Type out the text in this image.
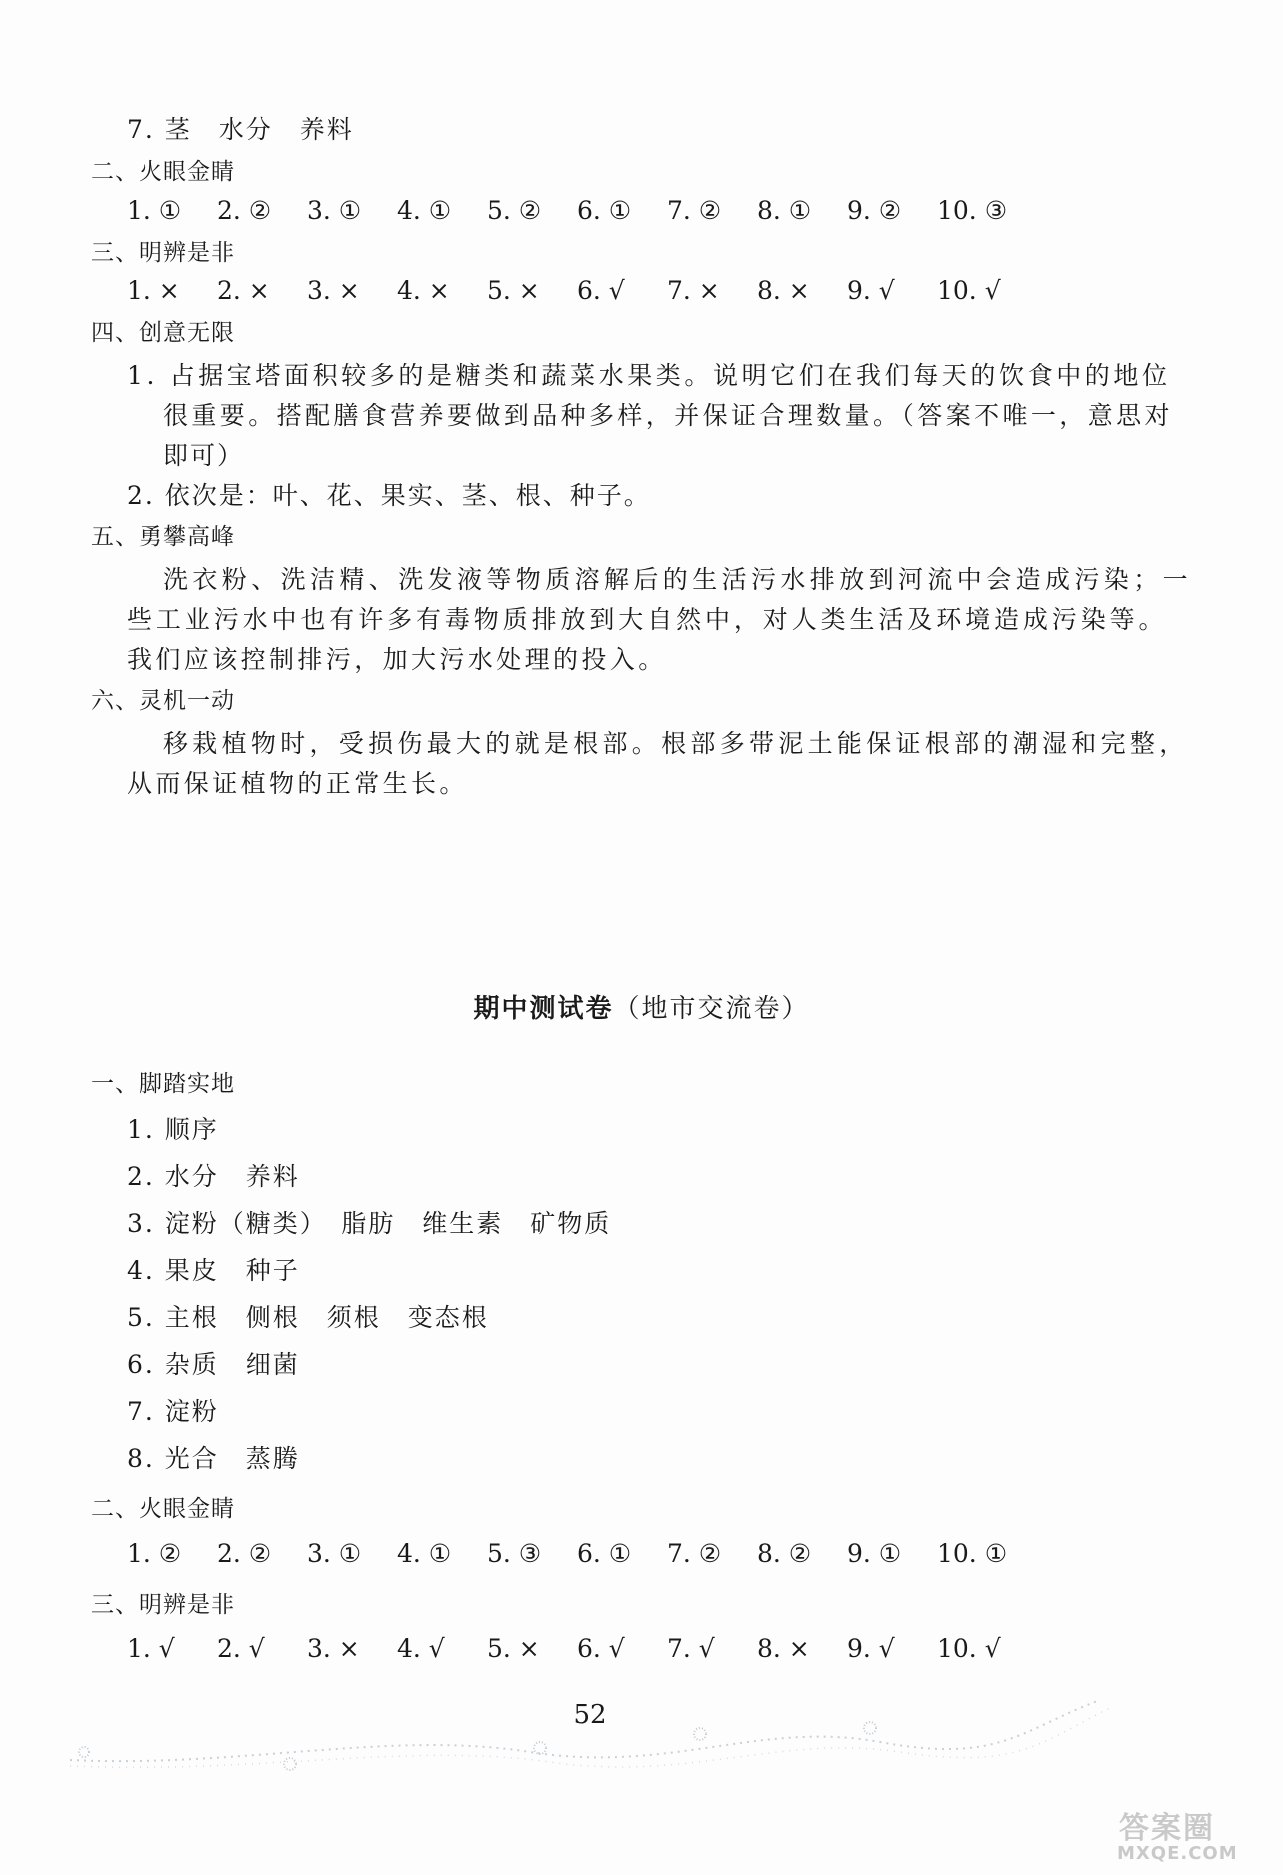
7. 茎　水分　养料
二、火眼金睛
1. ①	2. ②	3. ①	4. ①	5. ②	6. ①	7. ②	8. ①	9. ②	10. ③
三、明辨是非
1. ×	2. ×	3. ×	4. ×	5. ×	6. √	7. ×	8. ×	9. √	10. √
四、创意无限
1. 占据宝塔面积较多的是糖类和蔬菜水果类。说明它们在我们每天的饮食中的地位
很重要。搭配膳食营养要做到品种多样，并保证合理数量。（答案不唯一，意思对
即可）
2. 依次是：叶、花、果实、茎、根、种子。
五、勇攀高峰
洗衣粉、洗洁精、洗发液等物质溶解后的生活污水排放到河流中会造成污染；一
些工业污水中也有许多有毒物质排放到大自然中，对人类生活及环境造成污染等。
我们应该控制排污，加大污水处理的投入。
六、灵机一动
移栽植物时，受损伤最大的就是根部。根部多带泥土能保证根部的潮湿和完整，
从而保证植物的正常生长。
期中测试卷（地市交流卷）
一、脚踏实地
1. 顺序
2. 水分　养料
3. 淀粉（糖类）　脂肪　维生素　矿物质
4. 果皮　种子
5. 主根　侧根　须根　变态根
6. 杂质　细菌
7. 淀粉
8. 光合　蒸腾
二、火眼金睛
1. ②	2. ②	3. ①	4. ①	5. ③	6. ①	7. ②	8. ②	9. ①	10. ①
三、明辨是非
1. √	2. √	3. ×	4. √	5. ×	6. √	7. √	8. ×	9. √	10. √
52
答案圈
MXQE.COM
